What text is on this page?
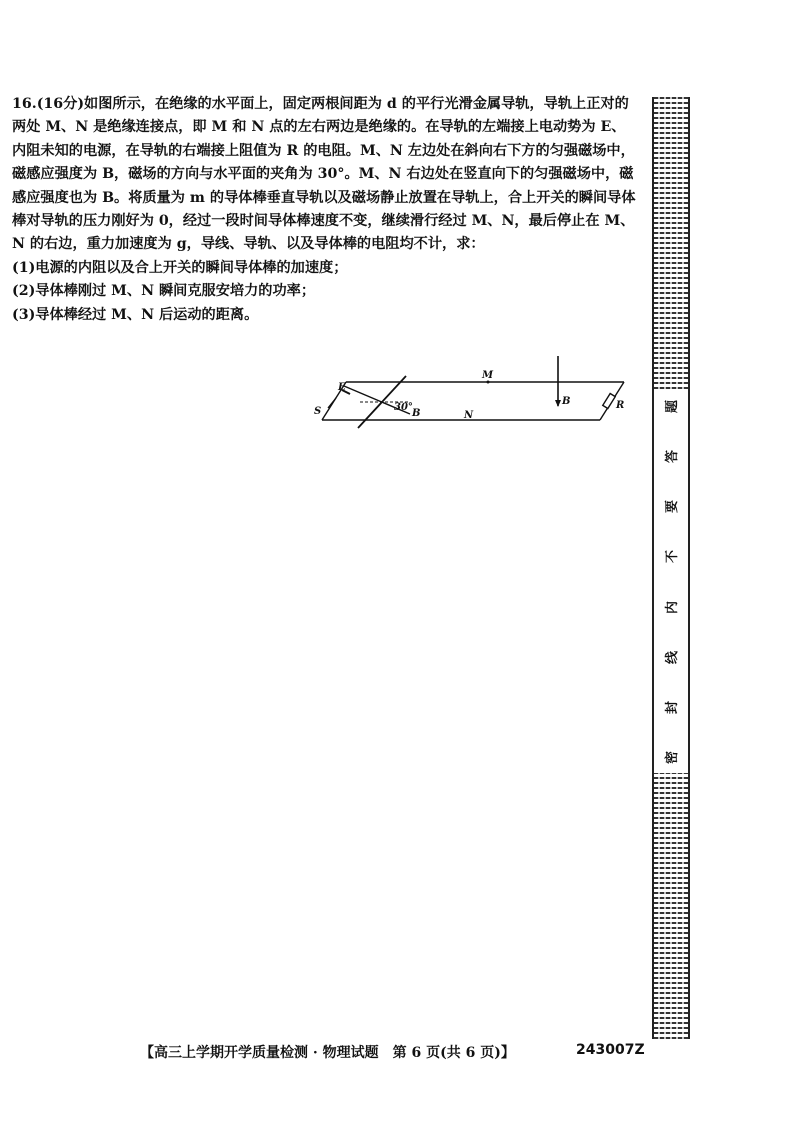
16.(16分)如图所示，在绝缘的水平面上，固定两根间距为 d 的平行光滑金属导轨，导轨上正对的两处 M、N 是绝缘连接点，即 M 和 N 点的左右两边是绝缘的。在导轨的左端接上电动势为 E、内阻未知的电源，在导轨的右端接上阻值为 R 的电阻。M、N 左边处在斜向右下方的匀强磁场中，磁感应强度为 B，磁场的方向与水平面的夹角为 30°。M、N 右边处在竖直向下的匀强磁场中，磁感应强度也为 B。将质量为 m 的导体棒垂直导轨以及磁场静止放置在导轨上，合上开关的瞬间导体棒对导轨的压力刚好为 0，经过一段时间导体棒速度不变，继续滑行经过 M、N，最后停止在 M、N 的右边，重力加速度为 g，导线、导轨、以及导体棒的电阻均不计，求：

(1)电源的内阻以及合上开关的瞬间导体棒的加速度；
(2)导体棒刚过 M、N 瞬间克服安培力的功率；
(3)导体棒经过 M、N 后运动的距离。
E
S	30°
B
M
N
B	R	题
答
要
不
内
线
封
密
【高三上学期开学质量检测 · 物理试题　第 6 页(共 6 页)】	243007Z
